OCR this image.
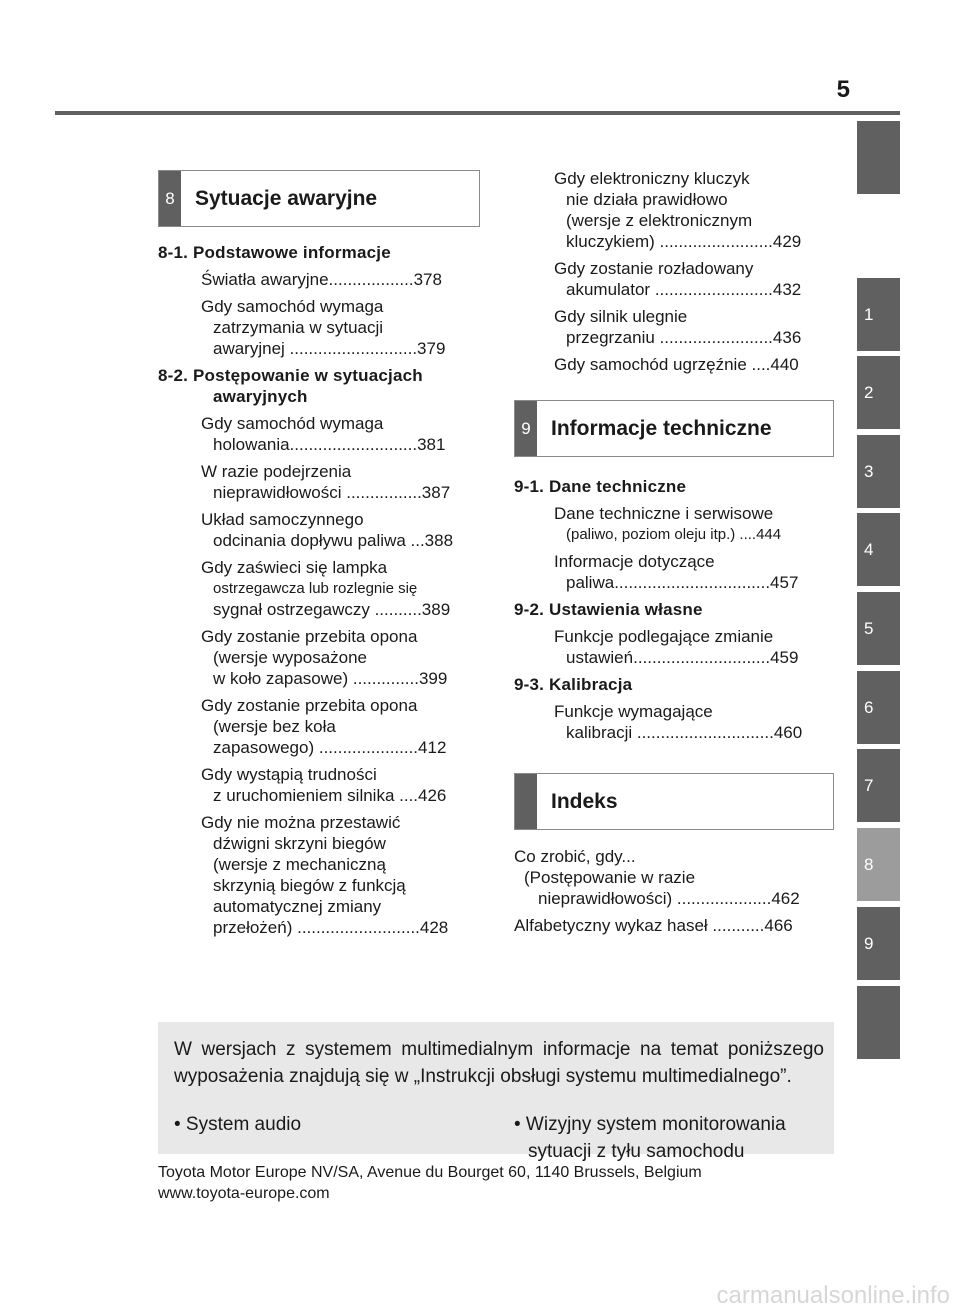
5
1
2
3
4
5
6
7
8
9
8 Sytuacje awaryjne
8-1. Podstawowe informacje
Światła awaryjne..................378
Gdy samochód wymaga
zatrzymania w sytuacji
awaryjnej ...........................379
8-2. Postępowanie w sytuacjach
awaryjnych
Gdy samochód wymaga
holowania...........................381
W razie podejrzenia
nieprawidłowości ................387
Układ samoczynnego
odcinania dopływu paliwa ...388
Gdy zaświeci się lampka
ostrzegawcza lub rozlegnie się
sygnał ostrzegawczy ..........389
Gdy zostanie przebita opona
(wersje wyposażone
w koło zapasowe) ..............399
Gdy zostanie przebita opona
(wersje bez koła
zapasowego) .....................412
Gdy wystąpią trudności
z uruchomieniem silnika ....426
Gdy nie można przestawić
dźwigni skrzyni biegów
(wersje z mechaniczną
skrzynią biegów z funkcją
automatycznej zmiany
przełożeń) ..........................428
Gdy elektroniczny kluczyk
nie działa prawidłowo
(wersje z elektronicznym
kluczykiem) ........................429
Gdy zostanie rozładowany
akumulator .........................432
Gdy silnik ulegnie
przegrzaniu ........................436
Gdy samochód ugrzęźnie ....440
9 Informacje techniczne
9-1. Dane techniczne
Dane techniczne i serwisowe
(paliwo, poziom oleju itp.) ....444
Informacje dotyczące
paliwa.................................457
9-2. Ustawienia własne
Funkcje podlegające zmianie
ustawień.............................459
9-3. Kalibracja
Funkcje wymagające
kalibracji .............................460
Indeks
Co zrobić, gdy...
(Postępowanie w razie
nieprawidłowości) ....................462
Alfabetyczny wykaz haseł ...........466
W wersjach z systemem multimedialnym informacje na temat poniższego wyposażenia znajdują się w „Instrukcji obsługi systemu multimedialnego”.
• System audio	• Wizyjny system monitorowania
sytuacji z tyłu samochodu
Toyota Motor Europe NV/SA, Avenue du Bourget 60, 1140 Brussels, Belgium
www.toyota-europe.com
carmanualsonline.info
